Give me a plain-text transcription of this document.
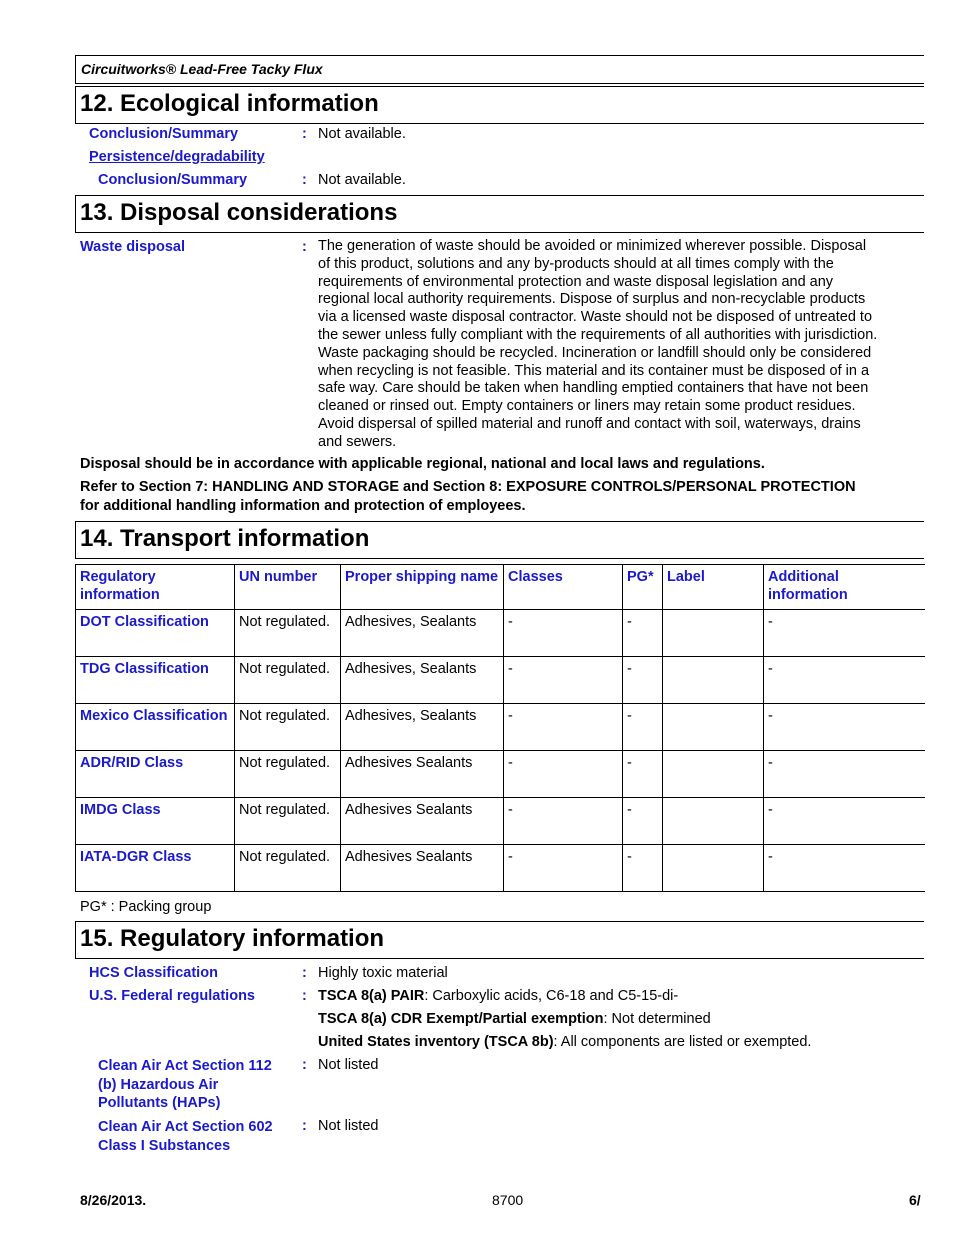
Circuitworks® Lead-Free Tacky Flux
12. Ecological information
Conclusion/Summary	: Not available.
Persistence/degradability
Conclusion/Summary	: Not available.
13. Disposal considerations
Waste disposal	: The generation of waste should be avoided or minimized wherever possible. Disposal
of this product, solutions and any by-products should at all times comply with the
requirements of environmental protection and waste disposal legislation and any
regional local authority requirements. Dispose of surplus and non-recyclable products
via a licensed waste disposal contractor. Waste should not be disposed of untreated to
the sewer unless fully compliant with the requirements of all authorities with jurisdiction.
Waste packaging should be recycled. Incineration or landfill should only be considered
when recycling is not feasible. This material and its container must be disposed of in a
safe way. Care should be taken when handling emptied containers that have not been
cleaned or rinsed out. Empty containers or liners may retain some product residues.
Avoid dispersal of spilled material and runoff and contact with soil, waterways, drains
and sewers.
Disposal should be in accordance with applicable regional, national and local laws and regulations.
Refer to Section 7: HANDLING AND STORAGE and Section 8: EXPOSURE CONTROLS/PERSONAL PROTECTION
for additional handling information and protection of employees.
14. Transport information
Regulatory information	UN number	Proper shipping name	Classes	PG*	Label	Additional information
DOT Classification	Not regulated.	Adhesives, Sealants	-	-		-
TDG Classification	Not regulated.	Adhesives, Sealants	-	-		-
Mexico Classification	Not regulated.	Adhesives, Sealants	-	-		-
ADR/RID Class	Not regulated.	Adhesives Sealants	-	-		-
IMDG Class	Not regulated.	Adhesives Sealants	-	-		-
IATA-DGR Class	Not regulated.	Adhesives Sealants	-	-		-
PG* : Packing group
15. Regulatory information
HCS Classification	: Highly toxic material
U.S. Federal regulations	: TSCA 8(a) PAIR: Carboxylic acids, C6-18 and C5-15-di-
TSCA 8(a) CDR Exempt/Partial exemption: Not determined
United States inventory (TSCA 8b): All components are listed or exempted.
Clean Air Act Section 112
(b) Hazardous Air
Pollutants (HAPs)
: Not listed
Clean Air Act Section 602
Class I Substances
: Not listed
8/26/2013.	8700	6/
